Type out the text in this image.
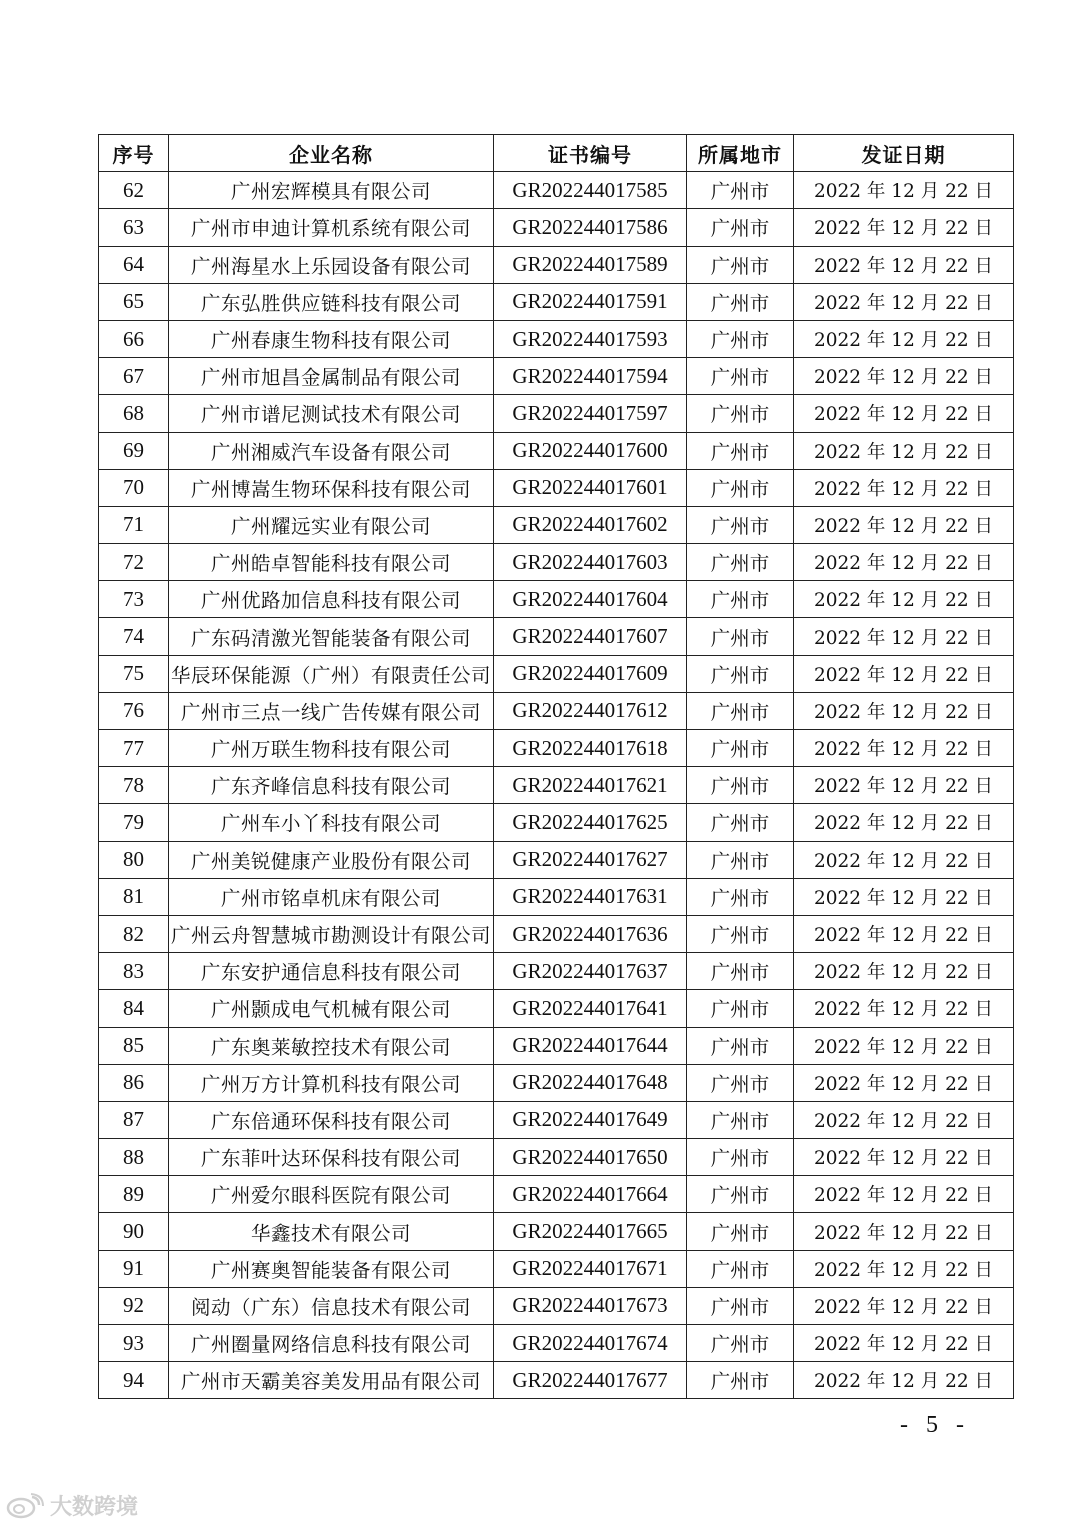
序号	企业名称	证书编号	所属地市	发证日期
62	广州宏辉模具有限公司	GR202244017585	广州市	2022 年 12 月 22 日
63	广州市申迪计算机系统有限公司	GR202244017586	广州市	2022 年 12 月 22 日
64	广州海星水上乐园设备有限公司	GR202244017589	广州市	2022 年 12 月 22 日
65	广东弘胜供应链科技有限公司	GR202244017591	广州市	2022 年 12 月 22 日
66	广州春康生物科技有限公司	GR202244017593	广州市	2022 年 12 月 22 日
67	广州市旭昌金属制品有限公司	GR202244017594	广州市	2022 年 12 月 22 日
68	广州市谱尼测试技术有限公司	GR202244017597	广州市	2022 年 12 月 22 日
69	广州湘威汽车设备有限公司	GR202244017600	广州市	2022 年 12 月 22 日
70	广州博嵩生物环保科技有限公司	GR202244017601	广州市	2022 年 12 月 22 日
71	广州耀远实业有限公司	GR202244017602	广州市	2022 年 12 月 22 日
72	广州皓卓智能科技有限公司	GR202244017603	广州市	2022 年 12 月 22 日
73	广州优路加信息科技有限公司	GR202244017604	广州市	2022 年 12 月 22 日
74	广东码清激光智能装备有限公司	GR202244017607	广州市	2022 年 12 月 22 日
75	华辰环保能源（广州）有限责任公司	GR202244017609	广州市	2022 年 12 月 22 日
76	广州市三点一线广告传媒有限公司	GR202244017612	广州市	2022 年 12 月 22 日
77	广州万联生物科技有限公司	GR202244017618	广州市	2022 年 12 月 22 日
78	广东齐峰信息科技有限公司	GR202244017621	广州市	2022 年 12 月 22 日
79	广州车小丫科技有限公司	GR202244017625	广州市	2022 年 12 月 22 日
80	广州美锐健康产业股份有限公司	GR202244017627	广州市	2022 年 12 月 22 日
81	广州市铭卓机床有限公司	GR202244017631	广州市	2022 年 12 月 22 日
82	广州云舟智慧城市勘测设计有限公司	GR202244017636	广州市	2022 年 12 月 22 日
83	广东安护通信息科技有限公司	GR202244017637	广州市	2022 年 12 月 22 日
84	广州颢成电气机械有限公司	GR202244017641	广州市	2022 年 12 月 22 日
85	广东奥莱敏控技术有限公司	GR202244017644	广州市	2022 年 12 月 22 日
86	广州万方计算机科技有限公司	GR202244017648	广州市	2022 年 12 月 22 日
87	广东倍通环保科技有限公司	GR202244017649	广州市	2022 年 12 月 22 日
88	广东菲叶达环保科技有限公司	GR202244017650	广州市	2022 年 12 月 22 日
89	广州爱尔眼科医院有限公司	GR202244017664	广州市	2022 年 12 月 22 日
90	华鑫技术有限公司	GR202244017665	广州市	2022 年 12 月 22 日
91	广州赛奥智能装备有限公司	GR202244017671	广州市	2022 年 12 月 22 日
92	阅动（广东）信息技术有限公司	GR202244017673	广州市	2022 年 12 月 22 日
93	广州圈量网络信息科技有限公司	GR202244017674	广州市	2022 年 12 月 22 日
94	广州市天霸美容美发用品有限公司	GR202244017677	广州市	2022 年 12 月 22 日
- 5 -
大数跨境
